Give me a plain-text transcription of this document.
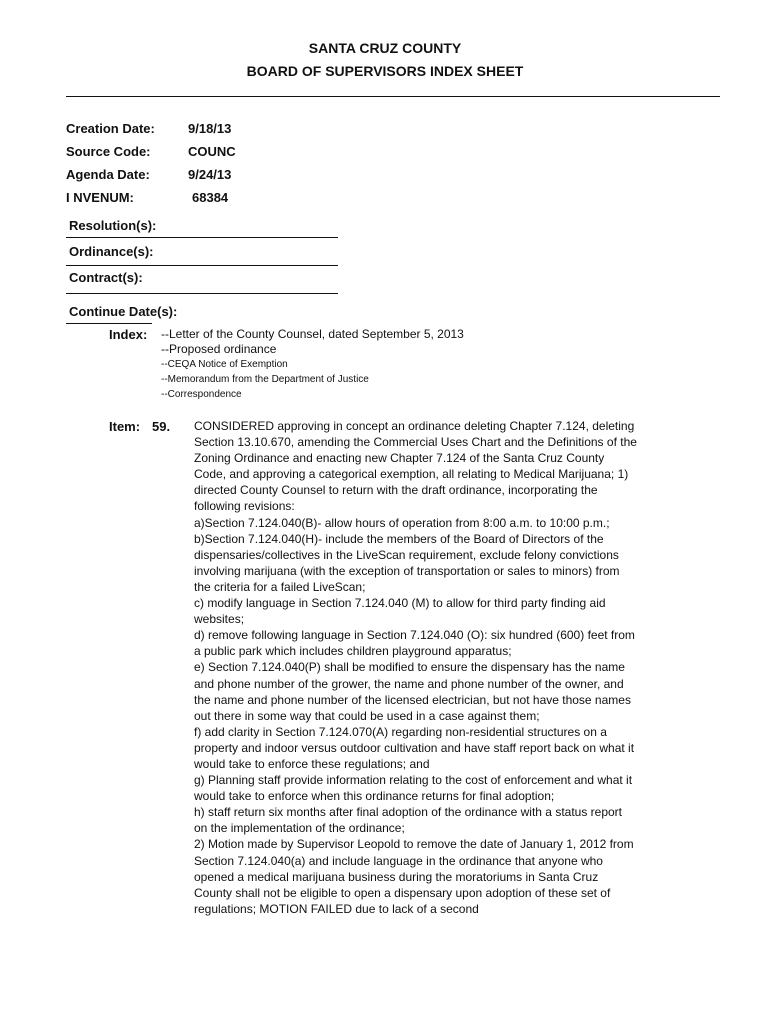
SANTA CRUZ COUNTY
BOARD OF SUPERVISORS INDEX SHEET
Creation Date:	9/18/13
Source Code:	COUNC
Agenda Date:	9/24/13
I NVENUM:	68384
Resolution(s):
Ordinance(s):
Contract(s):
Continue Date(s):
Index: --Letter of the County Counsel, dated September 5, 2013
--Proposed ordinance
--CEQA Notice of Exemption
--Memorandum from the Department of Justice
--Correspondence
Item: 59. CONSIDERED approving in concept an ordinance deleting Chapter 7.124, deleting
Section 13.10.670, amending the Commercial Uses Chart and the Definitions of the
Zoning Ordinance and enacting new Chapter 7.124 of the Santa Cruz County
Code, and approving a categorical exemption, all relating to Medical Marijuana; 1)
directed County Counsel to return with the draft ordinance, incorporating the
following revisions:
a)Section 7.124.040(B)- allow hours of operation from 8:00 a.m. to 10:00 p.m.;
b)Section 7.124.040(H)- include the members of the Board of Directors of the
dispensaries/collectives in the LiveScan requirement, exclude felony convictions
involving marijuana (with the exception of transportation or sales to minors) from
the criteria for a failed LiveScan;
c) modify language in Section 7.124.040 (M) to allow for third party finding aid
websites;
d) remove following language in Section 7.124.040 (O): six hundred (600) feet from
a public park which includes children playground apparatus;
e) Section 7.124.040(P) shall be modified to ensure the dispensary has the name
and phone number of the grower, the name and phone number of the owner, and
the name and phone number of the licensed electrician, but not have those names
out there in some way that could be used in a case against them;
f) add clarity in Section 7.124.070(A) regarding non-residential structures on a
property and indoor versus outdoor cultivation and have staff report back on what it
would take to enforce these regulations; and
g) Planning staff provide information relating to the cost of enforcement and what it
would take to enforce when this ordinance returns for final adoption;
h) staff return six months after final adoption of the ordinance with a status report
on the implementation of the ordinance;
2) Motion made by Supervisor Leopold to remove the date of January 1, 2012 from
Section 7.124.040(a) and include language in the ordinance that anyone who
opened a medical marijuana business during the moratoriums in Santa Cruz
County shall not be eligible to open a dispensary upon adoption of these set of
regulations; MOTION FAILED due to lack of a second
